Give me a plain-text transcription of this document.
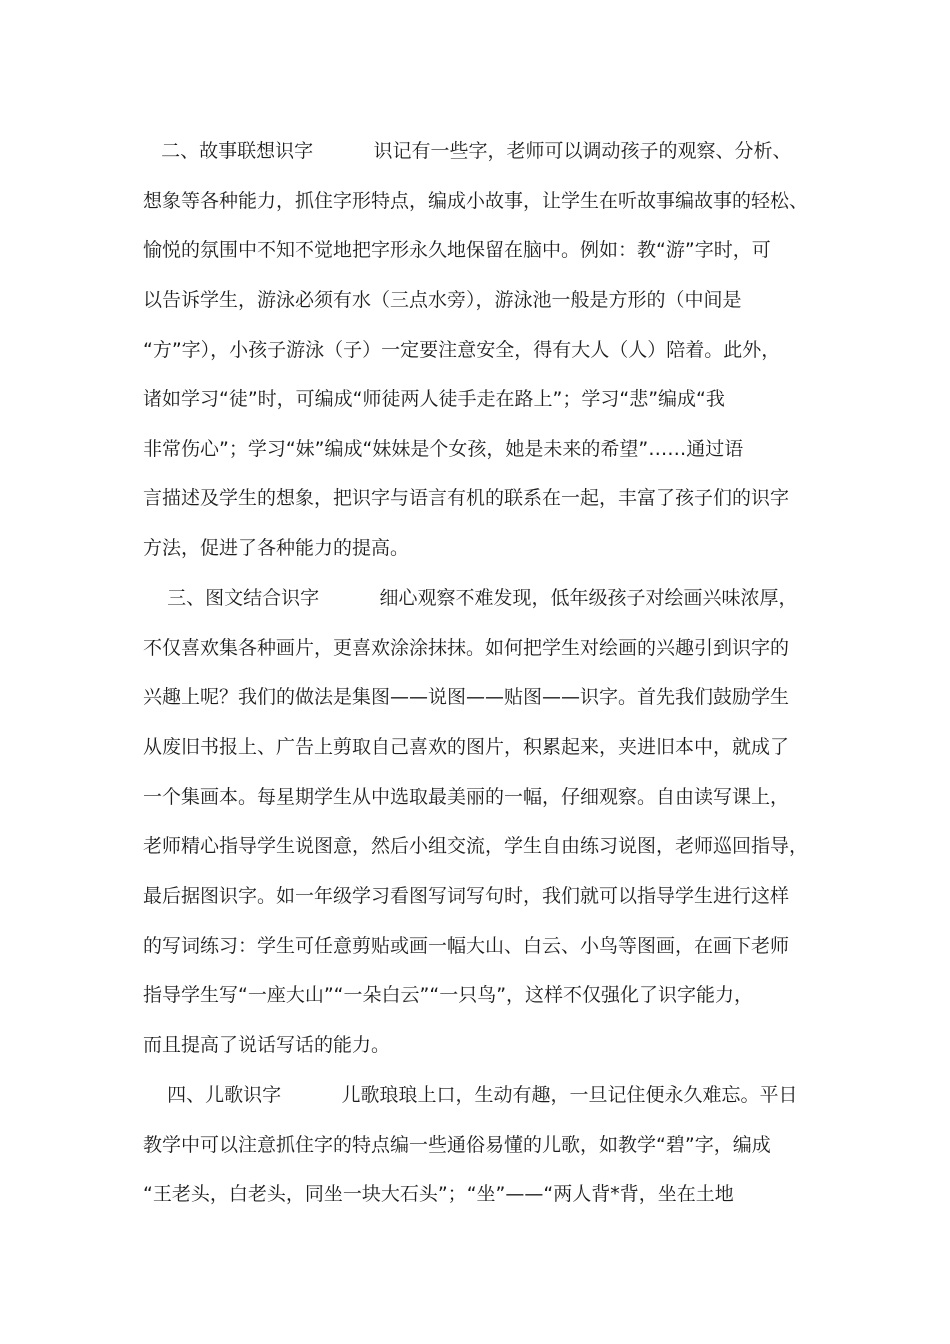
二、故事联想识字          识记有一些字，老师可以调动孩子的观察、分析、
想象等各种能力，抓住字形特点，编成小故事，让学生在听故事编故事的轻松、
愉悦的氛围中不知不觉地把字形永久地保留在脑中。例如：教“游”字时，可
以告诉学生，游泳必须有水（三点水旁），游泳池一般是方形的（中间是
“方”字），小孩子游泳（子）一定要注意安全，得有大人（人）陪着。此外，
诸如学习“徒”时，可编成“师徒两人徒手走在路上”；学习“悲”编成“我
非常伤心”；学习“妹”编成“妹妹是个女孩，她是未来的希望”……通过语
言描述及学生的想象，把识字与语言有机的联系在一起，丰富了孩子们的识字
方法，促进了各种能力的提高。
三、图文结合识字          细心观察不难发现，低年级孩子对绘画兴味浓厚，
不仅喜欢集各种画片，更喜欢涂涂抹抹。如何把学生对绘画的兴趣引到识字的
兴趣上呢？我们的做法是集图——说图——贴图——识字。首先我们鼓励学生
从废旧书报上、广告上剪取自己喜欢的图片，积累起来，夹进旧本中，就成了
一个集画本。每星期学生从中选取最美丽的一幅，仔细观察。自由读写课上，
老师精心指导学生说图意，然后小组交流，学生自由练习说图，老师巡回指导，
最后据图识字。如一年级学习看图写词写句时，我们就可以指导学生进行这样
的写词练习：学生可任意剪贴或画一幅大山、白云、小鸟等图画，在画下老师
指导学生写“一座大山”“一朵白云”“一只鸟”，这样不仅强化了识字能力，
而且提高了说话写话的能力。
四、儿歌识字          儿歌琅琅上口，生动有趣，一旦记住便永久难忘。平日
教学中可以注意抓住字的特点编一些通俗易懂的儿歌，如教学“碧”字，编成
“王老头，白老头，同坐一块大石头”；“坐”——“两人背*背，坐在土地
